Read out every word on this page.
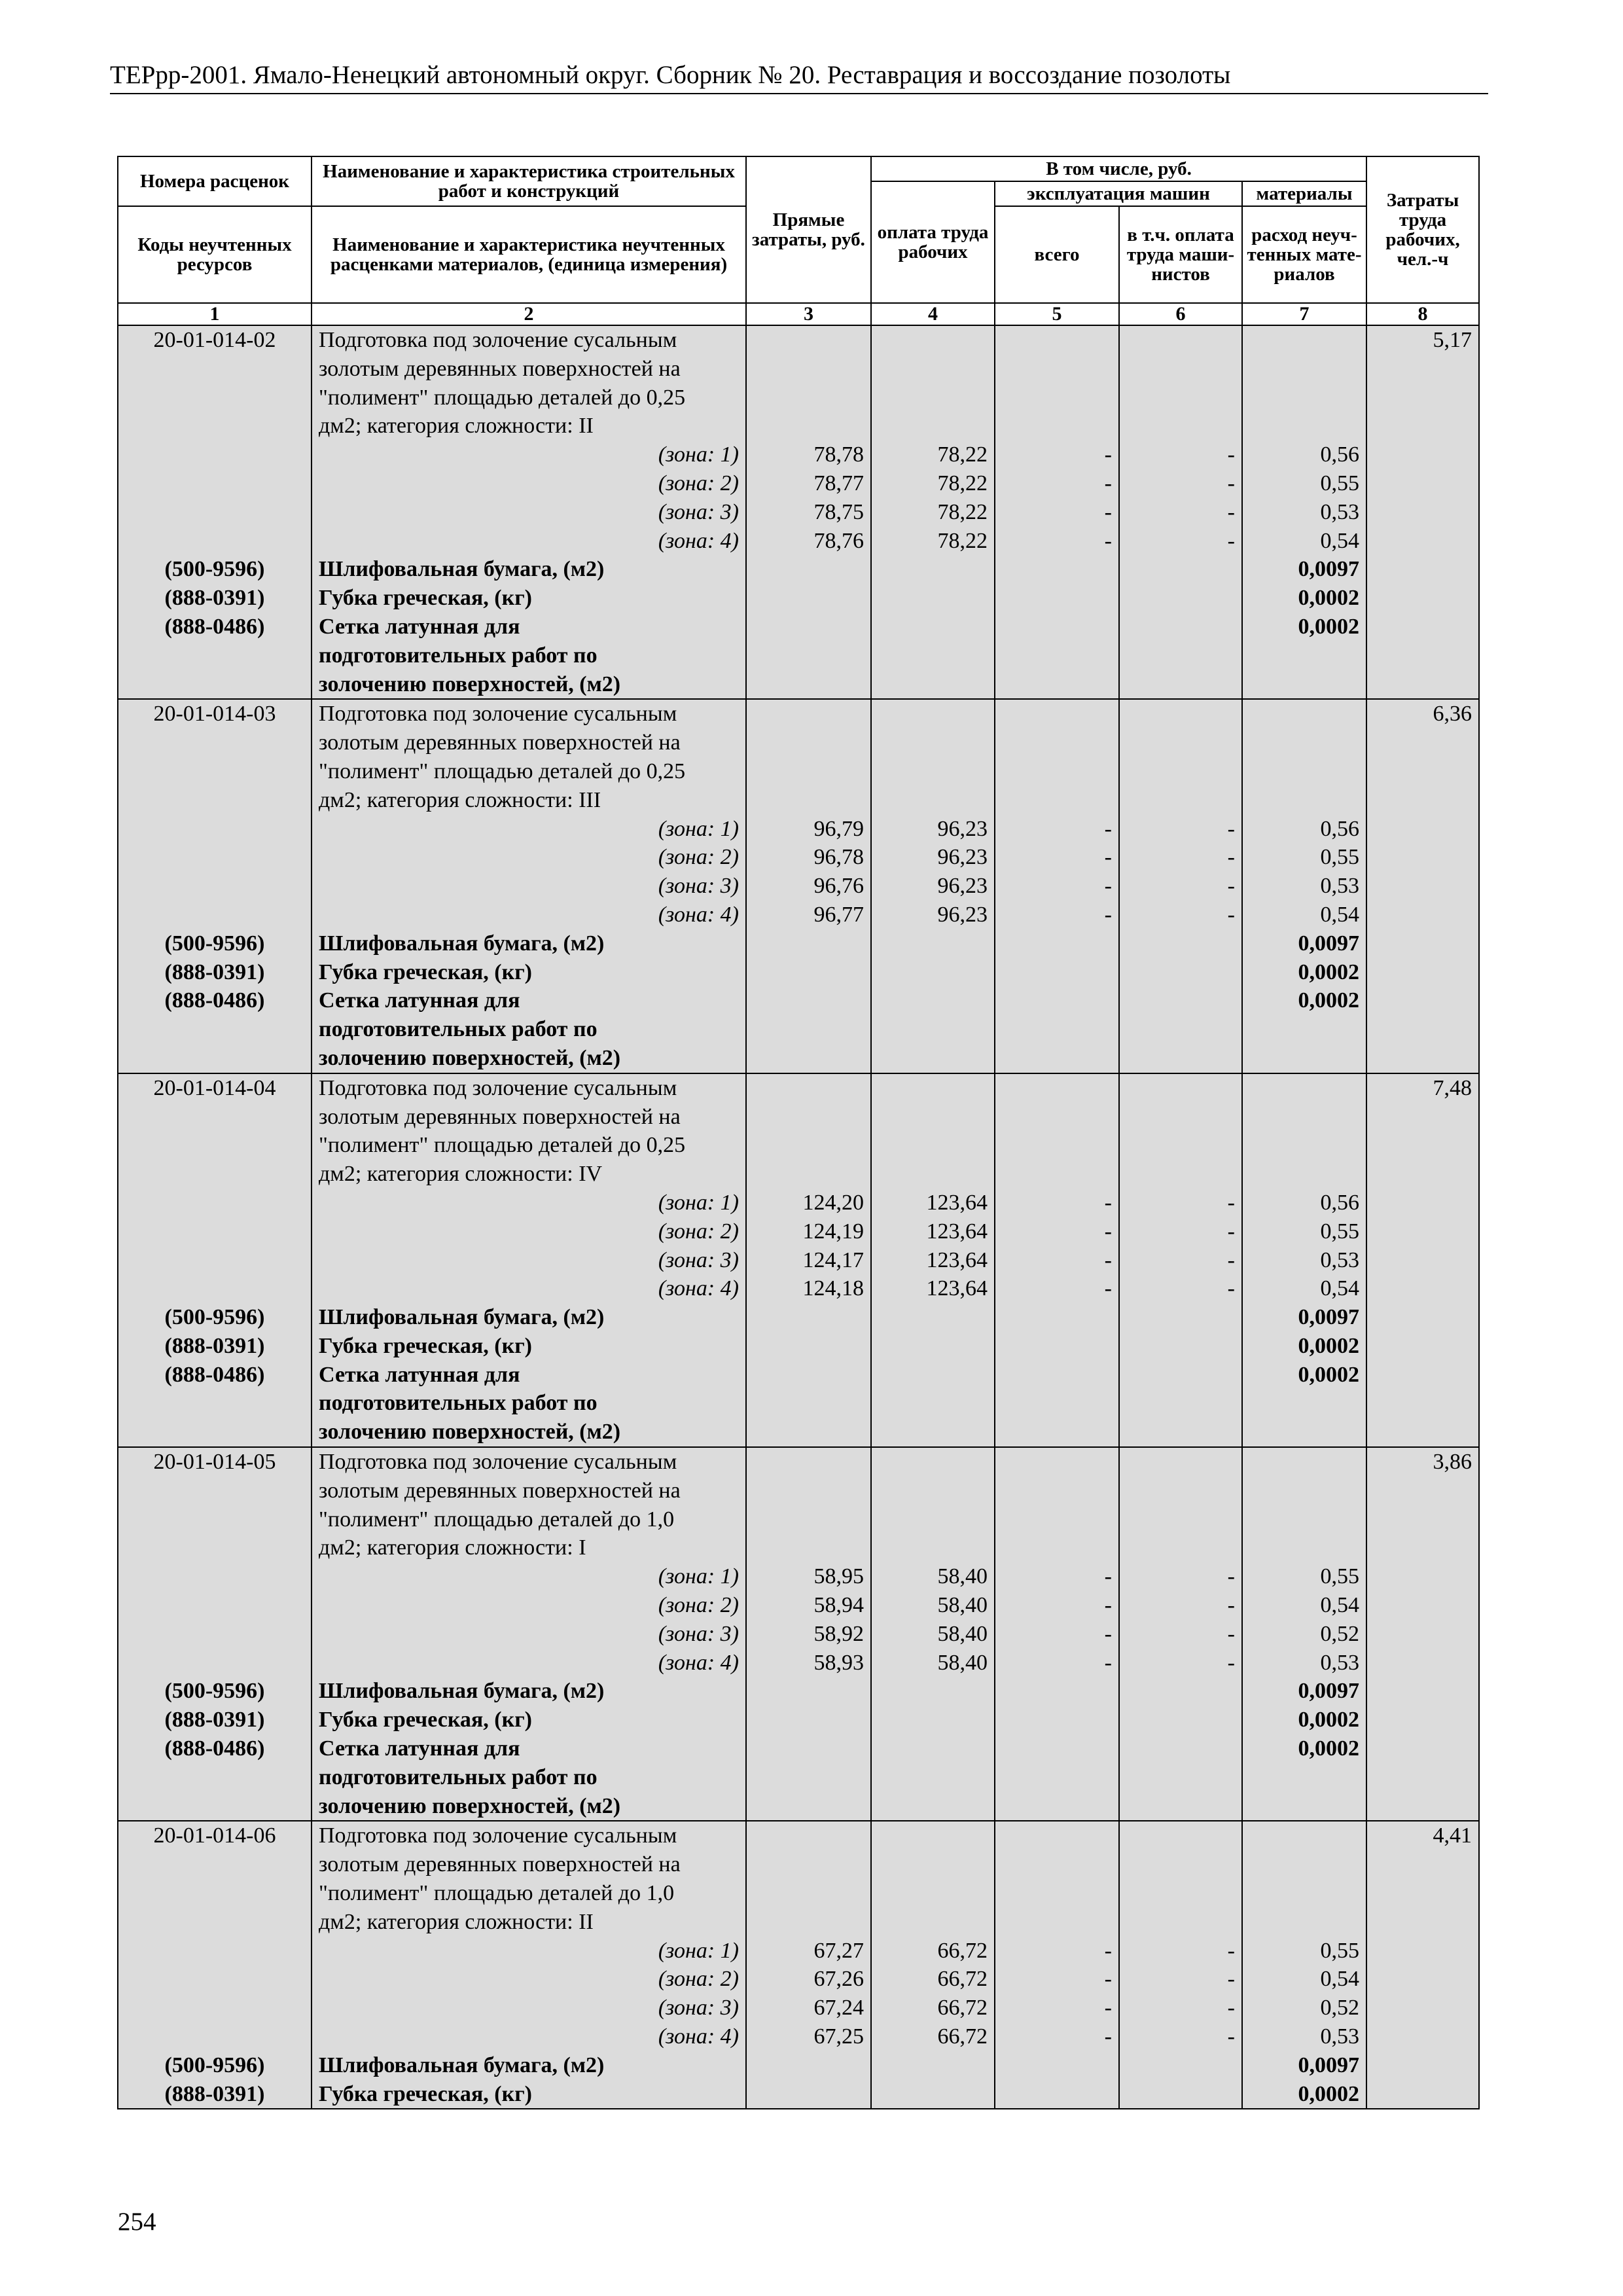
ТЕРрр-2001. Ямало-Ненецкий автономный округ. Сборник № 20. Реставрация и воссоздание позолоты
Номера расценок	Наименование и характеристика строительных работ и конструкций	Прямые затраты, руб.	В том числе, руб.				Затраты труда рабочих, чел.-ч
			оплата труда рабочих	эксплуатация машин		материалы	
Коды неучтенных ресурсов	Наименование и характеристика неучтенных расценками материалов, (единица измерения)			всего	в т.ч. оплата труда маши-нистов	расход неуч-тенных мате-риалов	

1	2	3	4	5	6	7	8
20-01-014-02	Подготовка под золочение сусальным						5,17
	золотым деревянных поверхностей на						
	"полимент" площадью деталей до 0,25						
	дм2; категория сложности: II						
	(зона: 1)	78,78	78,22	-	-	0,56	
	(зона: 2)	78,77	78,22	-	-	0,55	
	(зона: 3)	78,75	78,22	-	-	0,53	
	(зона: 4)	78,76	78,22	-	-	0,54	
(500-9596)	Шлифовальная бумага, (м2)					0,0097	
(888-0391)	Губка греческая, (кг)					0,0002	
(888-0486)	Сетка латунная для					0,0002	
	подготовительных работ по						
	золочению поверхностей, (м2)						
20-01-014-03	Подготовка под золочение сусальным						6,36
	золотым деревянных поверхностей на						
	"полимент" площадью деталей до 0,25						
	дм2; категория сложности: III						
	(зона: 1)	96,79	96,23	-	-	0,56	
	(зона: 2)	96,78	96,23	-	-	0,55	
	(зона: 3)	96,76	96,23	-	-	0,53	
	(зона: 4)	96,77	96,23	-	-	0,54	
(500-9596)	Шлифовальная бумага, (м2)					0,0097	
(888-0391)	Губка греческая, (кг)					0,0002	
(888-0486)	Сетка латунная для					0,0002	
	подготовительных работ по						
	золочению поверхностей, (м2)						
20-01-014-04	Подготовка под золочение сусальным						7,48
	золотым деревянных поверхностей на						
	"полимент" площадью деталей до 0,25						
	дм2; категория сложности: IV						
	(зона: 1)	124,20	123,64	-	-	0,56	
	(зона: 2)	124,19	123,64	-	-	0,55	
	(зона: 3)	124,17	123,64	-	-	0,53	
	(зона: 4)	124,18	123,64	-	-	0,54	
(500-9596)	Шлифовальная бумага, (м2)					0,0097	
(888-0391)	Губка греческая, (кг)					0,0002	
(888-0486)	Сетка латунная для					0,0002	
	подготовительных работ по						
	золочению поверхностей, (м2)						
20-01-014-05	Подготовка под золочение сусальным						3,86
	золотым деревянных поверхностей на						
	"полимент" площадью деталей до 1,0						
	дм2; категория сложности: I						
	(зона: 1)	58,95	58,40	-	-	0,55	
	(зона: 2)	58,94	58,40	-	-	0,54	
	(зона: 3)	58,92	58,40	-	-	0,52	
	(зона: 4)	58,93	58,40	-	-	0,53	
(500-9596)	Шлифовальная бумага, (м2)					0,0097	
(888-0391)	Губка греческая, (кг)					0,0002	
(888-0486)	Сетка латунная для					0,0002	
	подготовительных работ по						
	золочению поверхностей, (м2)						
20-01-014-06	Подготовка под золочение сусальным						4,41
	золотым деревянных поверхностей на						
	"полимент" площадью деталей до 1,0						
	дм2; категория сложности: II						
	(зона: 1)	67,27	66,72	-	-	0,55	
	(зона: 2)	67,26	66,72	-	-	0,54	
	(зона: 3)	67,24	66,72	-	-	0,52	
	(зона: 4)	67,25	66,72	-	-	0,53	
(500-9596)	Шлифовальная бумага, (м2)					0,0097	
(888-0391)	Губка греческая, (кг)					0,0002	
254
